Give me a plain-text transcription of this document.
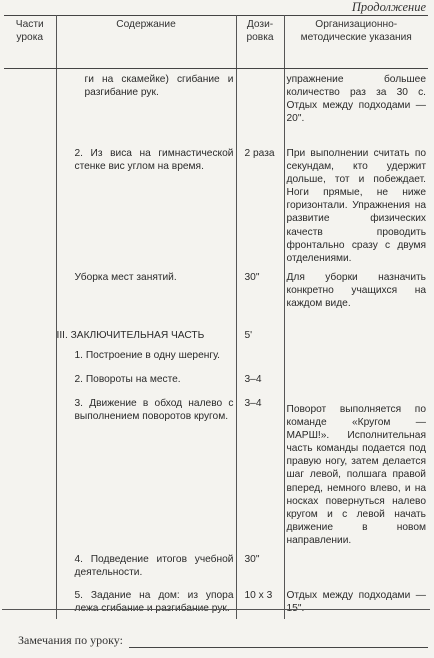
Продолжение
Части урока	Содержание	Дози-ровка	Организационно-методические указания
	ги на скамейке) сгибание и разгибание рук.		упражнение большее количество раз за 30 с. Отдых между подходами — 20".
	2. Из виса на гимнастической стенке вис углом на время.	2 раза	При выполнении считать по секундам, кто удержит дольше, тот и побеждает. Ноги прямые, не ниже горизонтали. Упражнения на развитие физических качеств проводить фронтально сразу с двумя отделениями.
	Уборка мест занятий.	30"	Для уборки назначить конкретно учащихся на каждом виде.
	III. ЗАКЛЮЧИТЕЛЬНАЯ ЧАСТЬ	5'	
	1. Построение в одну шеренгу.		
	2. Повороты на месте.	3–4	
	3. Движение в обход налево с выполнением поворотов кругом.	3–4	Поворот выполняется по команде «Кругом — МАРШ!». Исполнительная часть команды подается под правую ногу, затем делается шаг левой, полшага правой вперед, немного влево, и на носках повернуться налево кругом и с левой начать движение в новом направлении.
	4. Подведение итогов учебной деятельности.	30"	
	5. Задание на дом: из упора лежа сгибание и разгибание рук.	10 х 3	Отдых между подходами — 15".
Замечания по уроку:
